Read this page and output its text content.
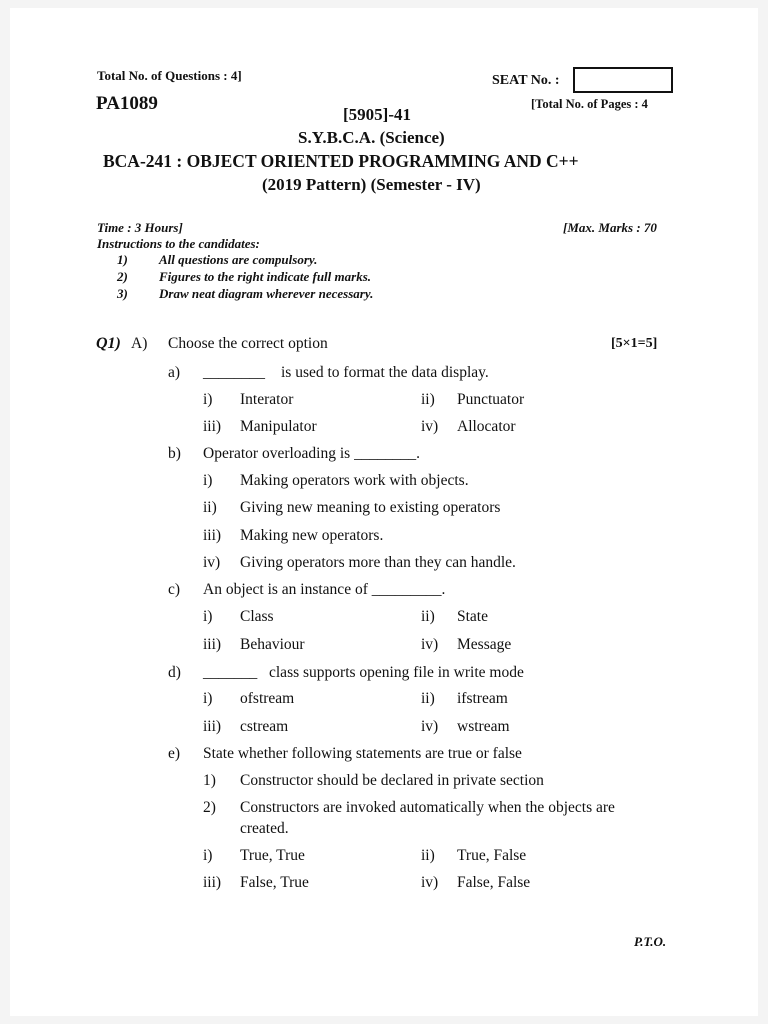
Total No. of Questions : 4]	SEAT No. :
PA1089	[Total No. of Pages : 4
[5905]-41
S.Y.B.C.A. (Science)
BCA-241 : OBJECT ORIENTED PROGRAMMING AND C++
(2019 Pattern) (Semester - IV)
Time : 3 Hours]	[Max. Marks : 70
Instructions to the candidates:
1) All questions are compulsory.
2) Figures to the right indicate full marks.
3) Draw neat diagram wherever necessary.
Q1) A) Choose the correct option	[5×1=5]
a) ________ is used to format the data display.
i) Interator	ii) Punctuator
iii) Manipulator	iv) Allocator
b) Operator overloading is ________.
i) Making operators work with objects.
ii) Giving new meaning to existing operators
iii) Making new operators.
iv) Giving operators more than they can handle.
c) An object is an instance of _________.
i) Class	ii) State
iii) Behaviour	iv) Message
d) _______ class supports opening file in write mode
i) ofstream	ii) ifstream
iii) cstream	iv) wstream
e) State whether following statements are true or false
1) Constructor should be declared in private section
2) Constructors are invoked automatically when the objects are
created.
i) True, True	ii) True, False
iii) False, True	iv) False, False
P.T.O.
